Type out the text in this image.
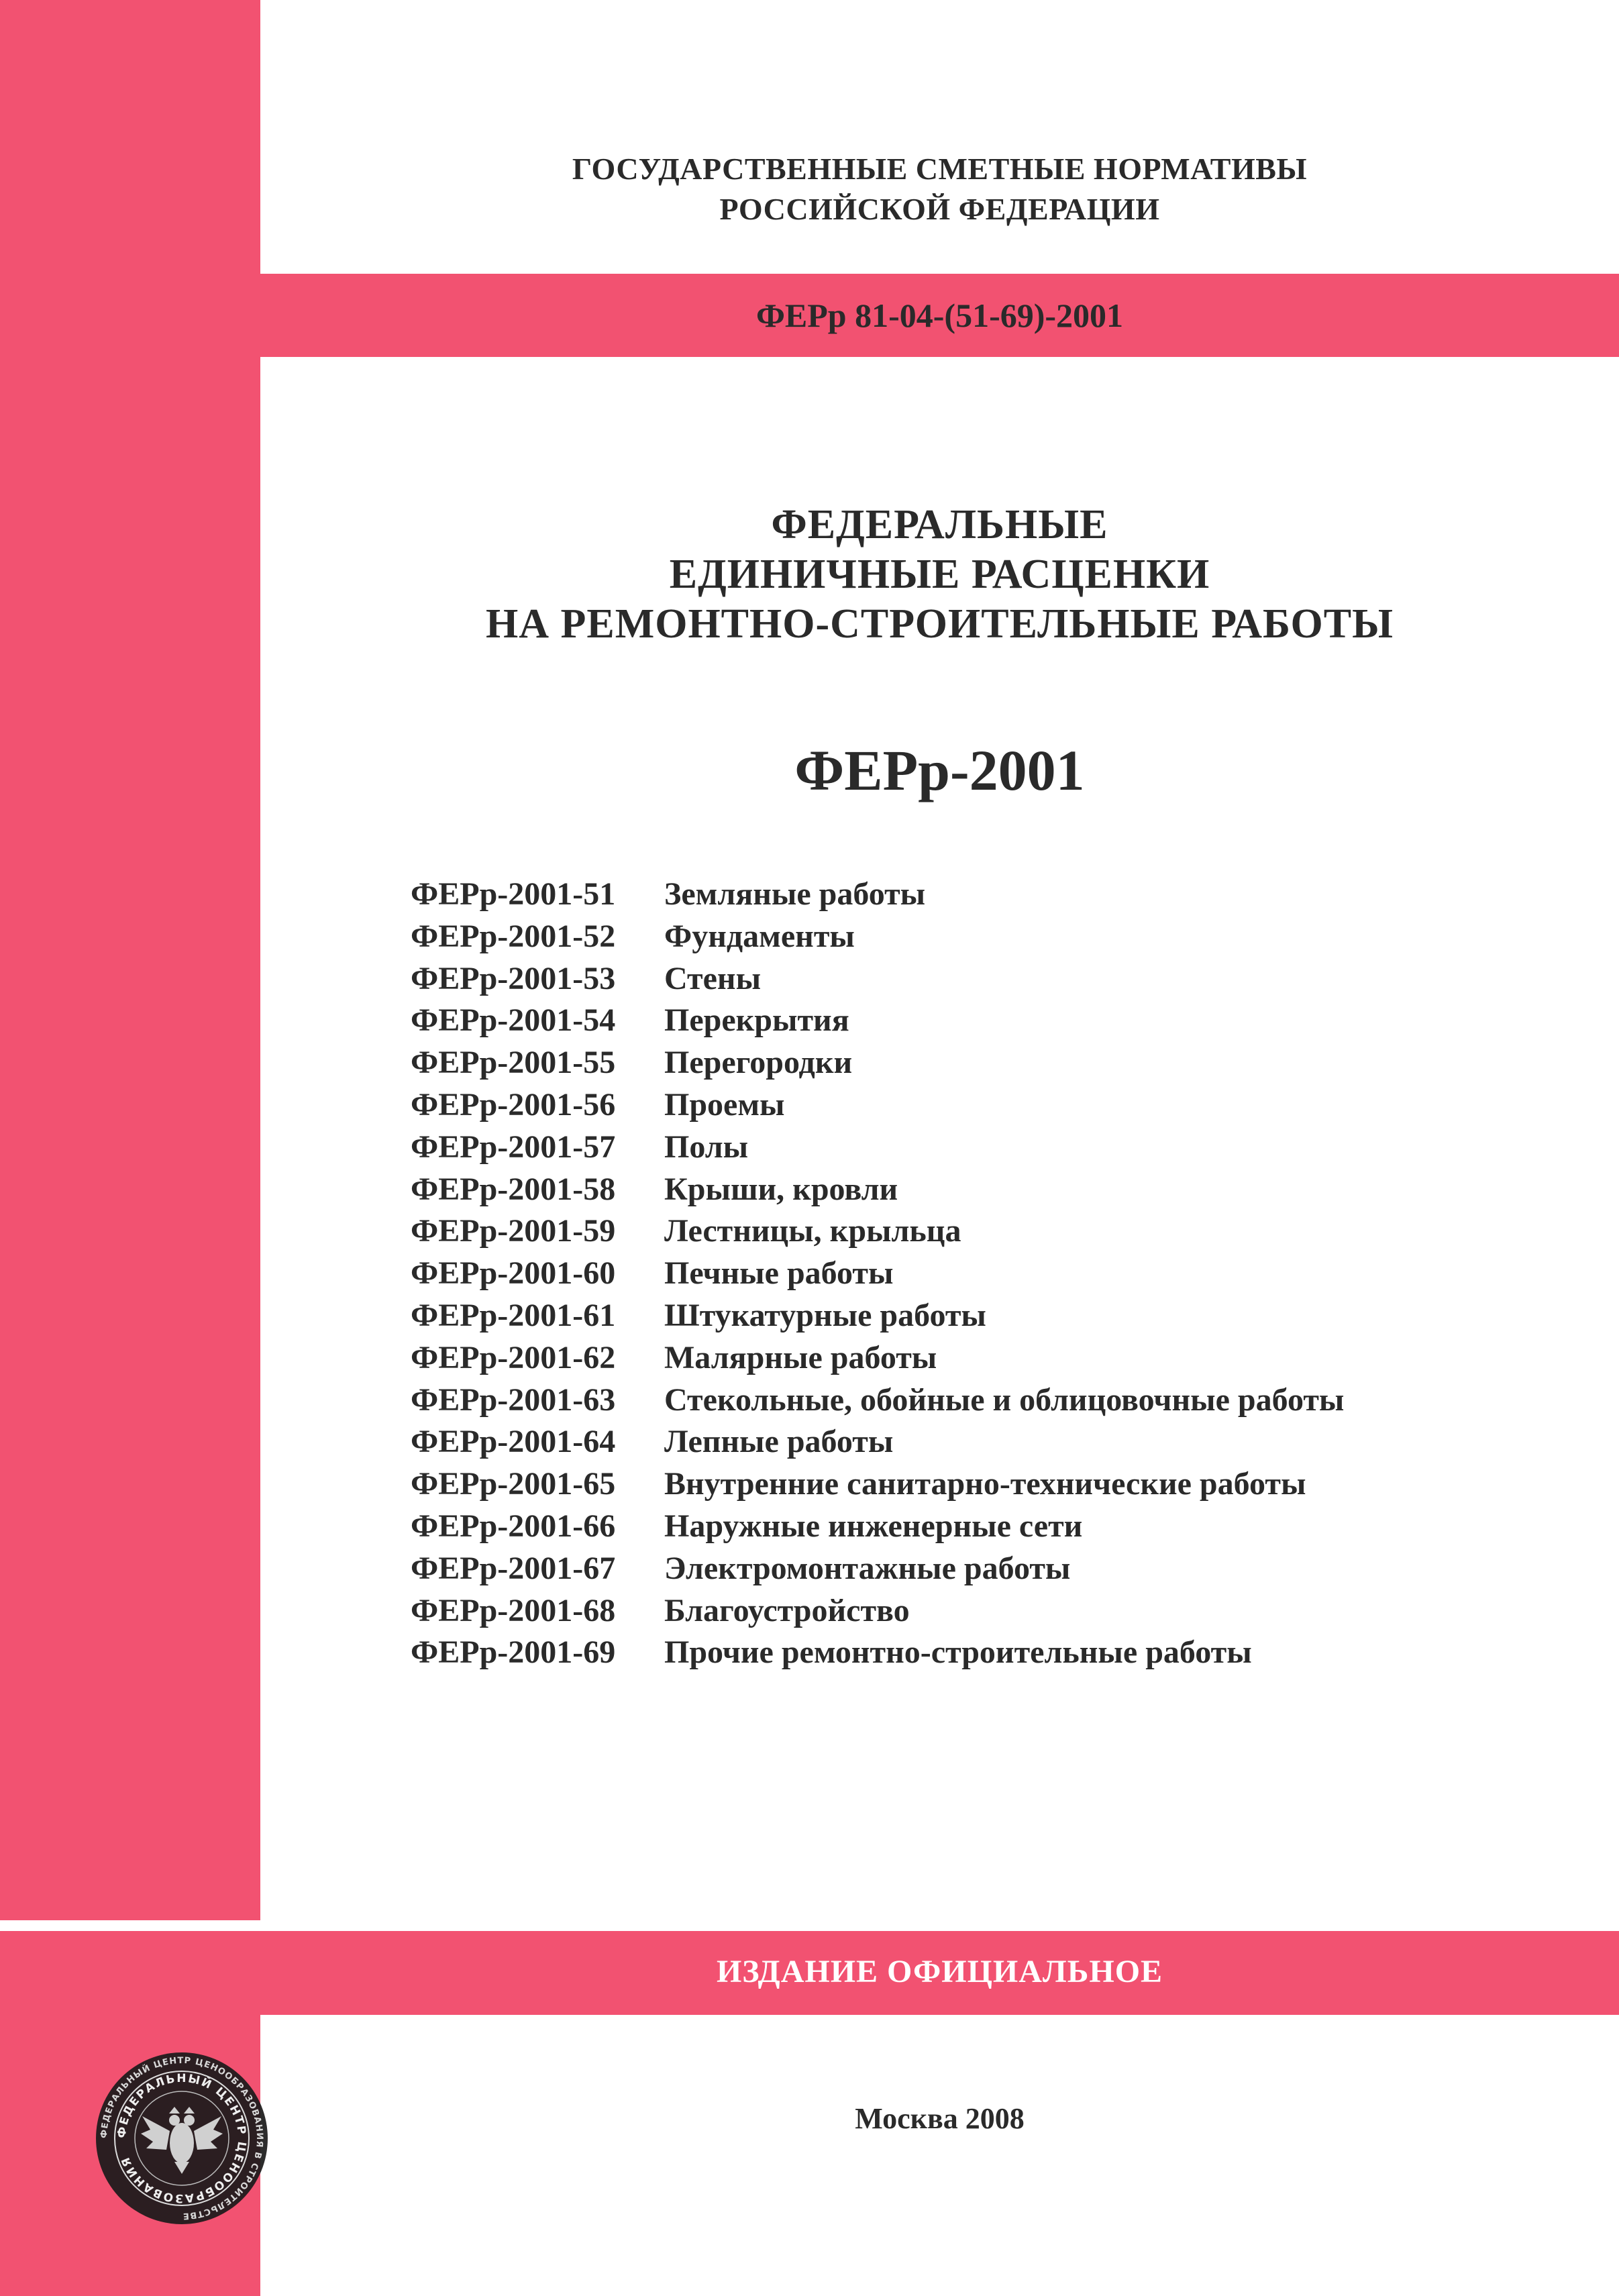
ГОСУДАРСТВЕННЫЕ СМЕТНЫЕ НОРМАТИВЫ
РОССИЙСКОЙ ФЕДЕРАЦИИ
ФЕРр 81-04-(51-69)-2001
ФЕДЕРАЛЬНЫЕ
ЕДИНИЧНЫЕ РАСЦЕНКИ
НА РЕМОНТНО-СТРОИТЕЛЬНЫЕ РАБОТЫ
ФЕРр-2001
ФЕРр-2001-51	Земляные работы
ФЕРр-2001-52	Фундаменты
ФЕРр-2001-53	Стены
ФЕРр-2001-54	Перекрытия
ФЕРр-2001-55	Перегородки
ФЕРр-2001-56	Проемы
ФЕРр-2001-57	Полы
ФЕРр-2001-58	Крыши, кровли
ФЕРр-2001-59	Лестницы, крыльца
ФЕРр-2001-60	Печные работы
ФЕРр-2001-61	Штукатурные работы
ФЕРр-2001-62	Малярные работы
ФЕРр-2001-63	Стекольные, обойные и облицовочные работы
ФЕРр-2001-64	Лепные работы
ФЕРр-2001-65	Внутренние санитарно-технические работы
ФЕРр-2001-66	Наружные инженерные сети
ФЕРр-2001-67	Электромонтажные работы
ФЕРр-2001-68	Благоустройство
ФЕРр-2001-69	Прочие ремонтно-строительные работы
ИЗДАНИЕ ОФИЦИАЛЬНОЕ
Москва 2008
ФЕДЕРАЛЬНЫЙ ЦЕНТР ЦЕНООБРАЗОВАНИЯ В СТРОИТЕЛЬСТВЕ
ФЕДЕРАЛЬНЫЙ ЦЕНТР ЦЕНООБРАЗОВАНИЯ
